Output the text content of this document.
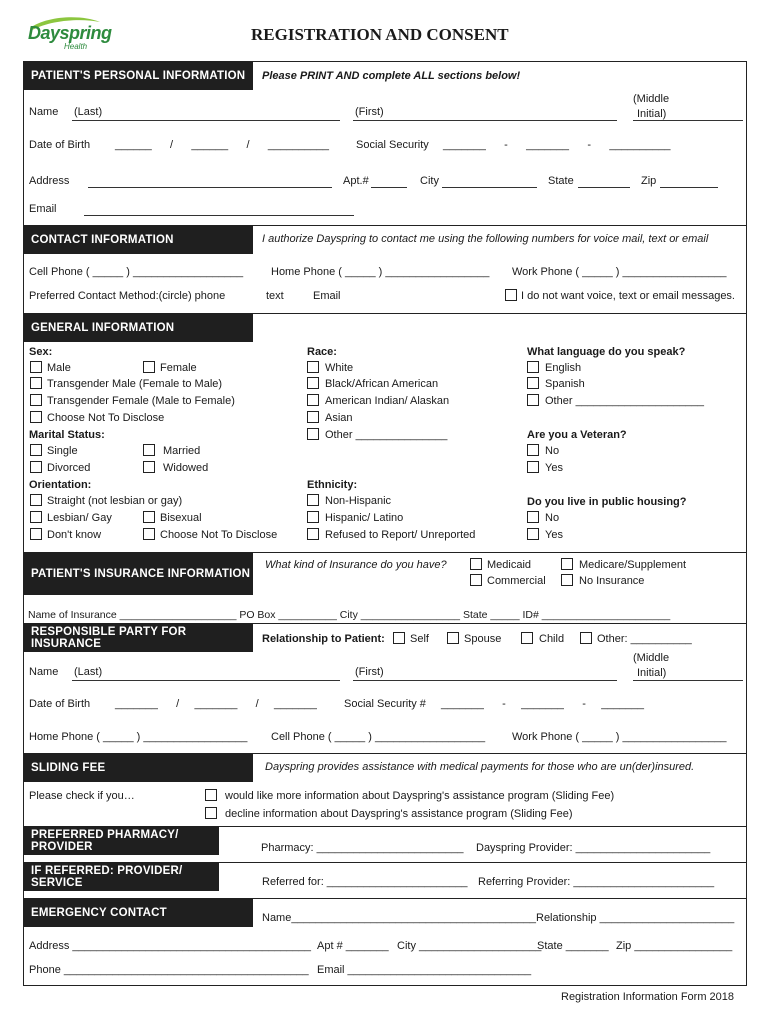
Dayspring
Health
REGISTRATION AND CONSENT
PATIENT'S PERSONAL INFORMATION	Please PRINT AND complete ALL sections below!
Name (Last)	(First)
(Middle
Initial)
Date of Birth ______      /      ______      /      __________ Social Security _______      -      _______      -      __________
Address	Apt.#	City	State	Zip
Email
CONTACT INFORMATION	I authorize Dayspring to contact me using the following numbers for voice mail, text or email
Cell Phone ( _____ ) __________________	Home Phone ( _____ ) _________________ Work Phone ( _____ ) _________________
Preferred Contact Method:(circle) phone	text	Email	I do not want voice, text or email messages.
GENERAL INFORMATION
Sex:
Male	Female
Transgender Male (Female to Male)
Transgender Female (Male to Female)
Choose Not To Disclose
Marital Status:
Single	Married
Divorced	Widowed
Orientation:
Straight (not lesbian or gay)
Lesbian/ Gay	Bisexual
Don't know	Choose Not To Disclose
Race:
White
Black/African American
American Indian/ Alaskan
Asian
Other _______________
Ethnicity:
Non-Hispanic
Hispanic/ Latino
Refused to Report/ Unreported
What language do you speak?
English
Spanish
Other _____________________
Are you a Veteran?
No
Yes
Do you live in public housing?
No
Yes
PATIENT'S INSURANCE INFORMATION
What kind of Insurance do you have?	Medicaid	Medicare/Supplement
Commercial	No Insurance
Name of Insurance ____________________ PO Box __________ City _________________ State _____ ID# ______________________
RESPONSIBLE PARTY FOR INSURANCE	Relationship to Patient: Self	Spouse	Child	Other: __________
Name (Last)	(First)
(Middle
Initial)
Date of Birth _______      /     _______      /     _______ Social Security # _______      -     _______      -     _______
Home Phone ( _____ ) _________________ Cell Phone ( _____ ) __________________ Work Phone ( _____ ) _________________
SLIDING FEE	Dayspring provides assistance with medical payments for those who are un(der)insured.
Please check if you…	would like more information about Dayspring's assistance program (Sliding Fee)
decline information about Dayspring's assistance program (Sliding Fee)
PREFERRED PHARMACY/ PROVIDER	Pharmacy: ________________________ Dayspring Provider: ______________________
IF REFERRED: PROVIDER/ SERVICE	Referred for: _______________________ Referring Provider: _______________________
EMERGENCY CONTACT	Name________________________________________ Relationship ______________________
Address _______________________________________ Apt # _______ City ____________________
State _______ Zip ________________
Phone ________________________________________ Email ______________________________
Registration Information Form 2018
